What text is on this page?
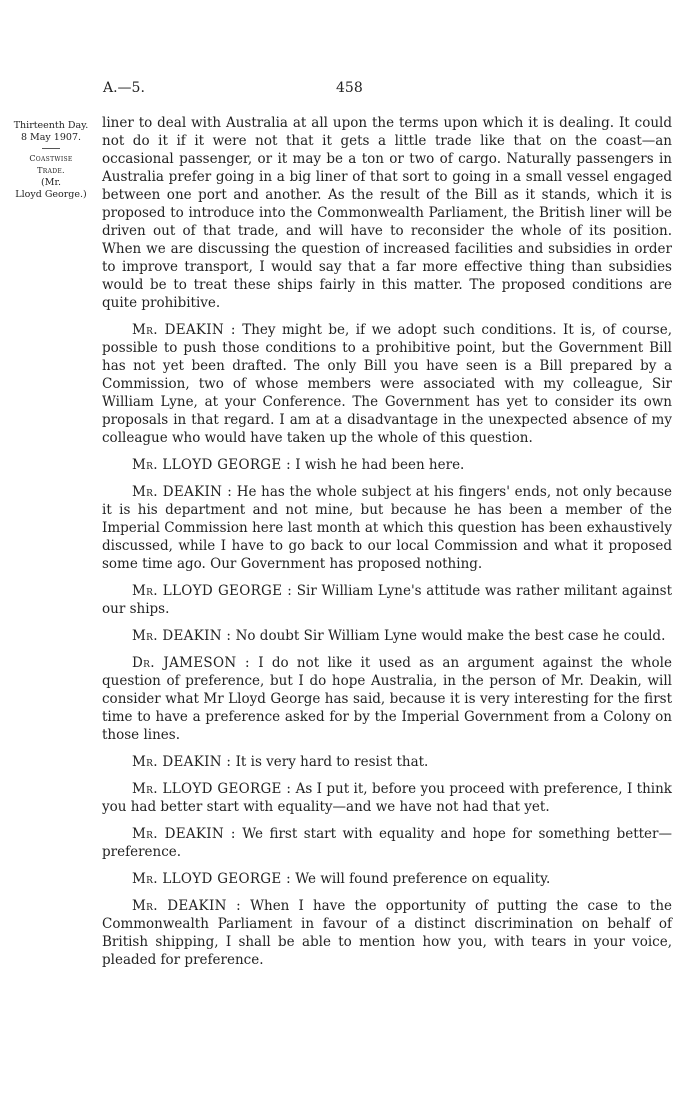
A.—5.	458
Thirteenth Day.
8 May 1907.
Coastwise
Trade.
(Mr.
Lloyd George.)

liner to deal with Australia at all upon the terms upon which it is dealing. It could not do it if it were not that it gets a little trade like that on the coast—an occasional passenger, or it may be a ton or two of cargo. Naturally passengers in Australia prefer going in a big liner of that sort to going in a small vessel engaged between one port and another. As the result of the Bill as it stands, which it is proposed to introduce into the Commonwealth Parliament, the British liner will be driven out of that trade, and will have to reconsider the whole of its position. When we are discussing the question of increased facilities and subsidies in order to improve transport, I would say that a far more effective thing than subsidies would be to treat these ships fairly in this matter. The proposed conditions are quite prohibitive.

Mr. DEAKIN : They might be, if we adopt such conditions. It is, of course, possible to push those conditions to a prohibitive point, but the Government Bill has not yet been drafted. The only Bill you have seen is a Bill prepared by a Commission, two of whose members were associated with my colleague, Sir William Lyne, at your Conference. The Government has yet to consider its own proposals in that regard. I am at a disadvantage in the unexpected absence of my colleague who would have taken up the whole of this question.

Mr. LLOYD GEORGE : I wish he had been here.

Mr. DEAKIN : He has the whole subject at his fingers' ends, not only because it is his department and not mine, but because he has been a member of the Imperial Commission here last month at which this question has been exhaustively discussed, while I have to go back to our local Commission and what it proposed some time ago. Our Government has proposed nothing.

Mr. LLOYD GEORGE : Sir William Lyne's attitude was rather militant against our ships.

Mr. DEAKIN : No doubt Sir William Lyne would make the best case he could.

Dr. JAMESON : I do not like it used as an argument against the whole question of preference, but I do hope Australia, in the person of Mr. Deakin, will consider what Mr Lloyd George has said, because it is very interesting for the first time to have a preference asked for by the Imperial Government from a Colony on those lines.

Mr. DEAKIN : It is very hard to resist that.

Mr. LLOYD GEORGE : As I put it, before you proceed with preference, I think you had better start with equality—and we have not had that yet.

Mr. DEAKIN : We first start with equality and hope for something better—preference.

Mr. LLOYD GEORGE : We will found preference on equality.

Mr. DEAKIN : When I have the opportunity of putting the case to the Commonwealth Parliament in favour of a distinct discrimination on behalf of British shipping, I shall be able to mention how you, with tears in your voice, pleaded for preference.
